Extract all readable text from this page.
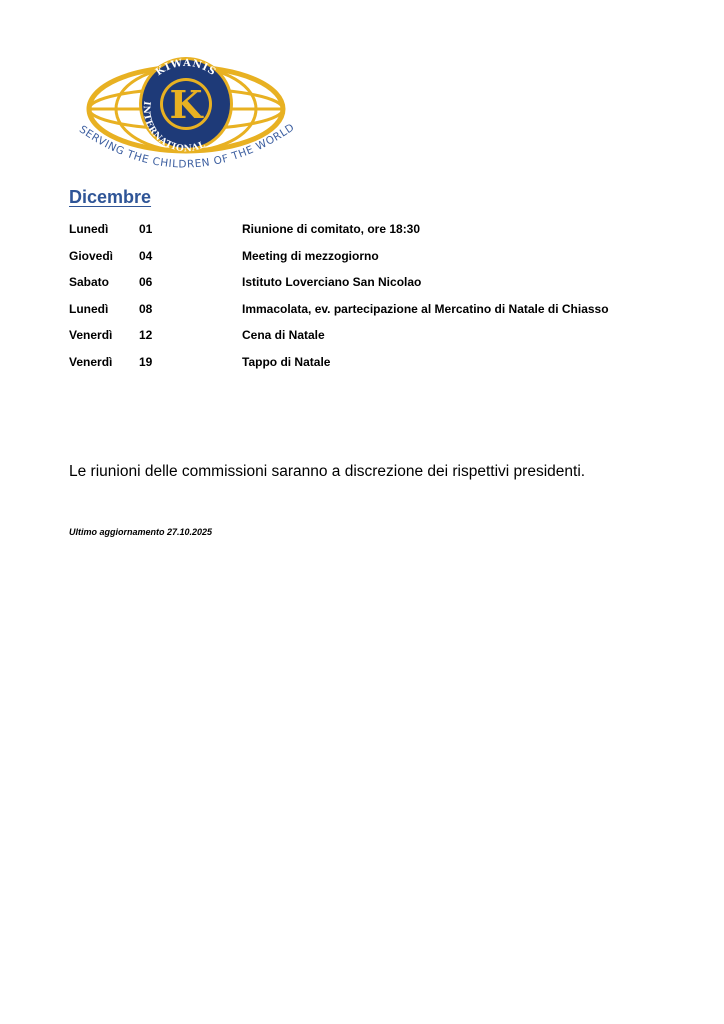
K
KIWANIS
INTERNATIONAL
SERVING THE CHILDREN OF THE WORLD
Dicembre
Lunedì	01	Riunione di comitato, ore 18:30
Giovedì 04	Meeting di mezzogiorno
Sabato 06	Istituto Loverciano San Nicolao
Lunedì	08	Immacolata, ev. partecipazione al Mercatino di Natale di Chiasso
Venerdì 12	Cena di Natale
Venerdì 19	Tappo di Natale
Le riunioni delle commissioni saranno a discrezione dei rispettivi presidenti.
Ultimo aggiornamento 27.10.2025
